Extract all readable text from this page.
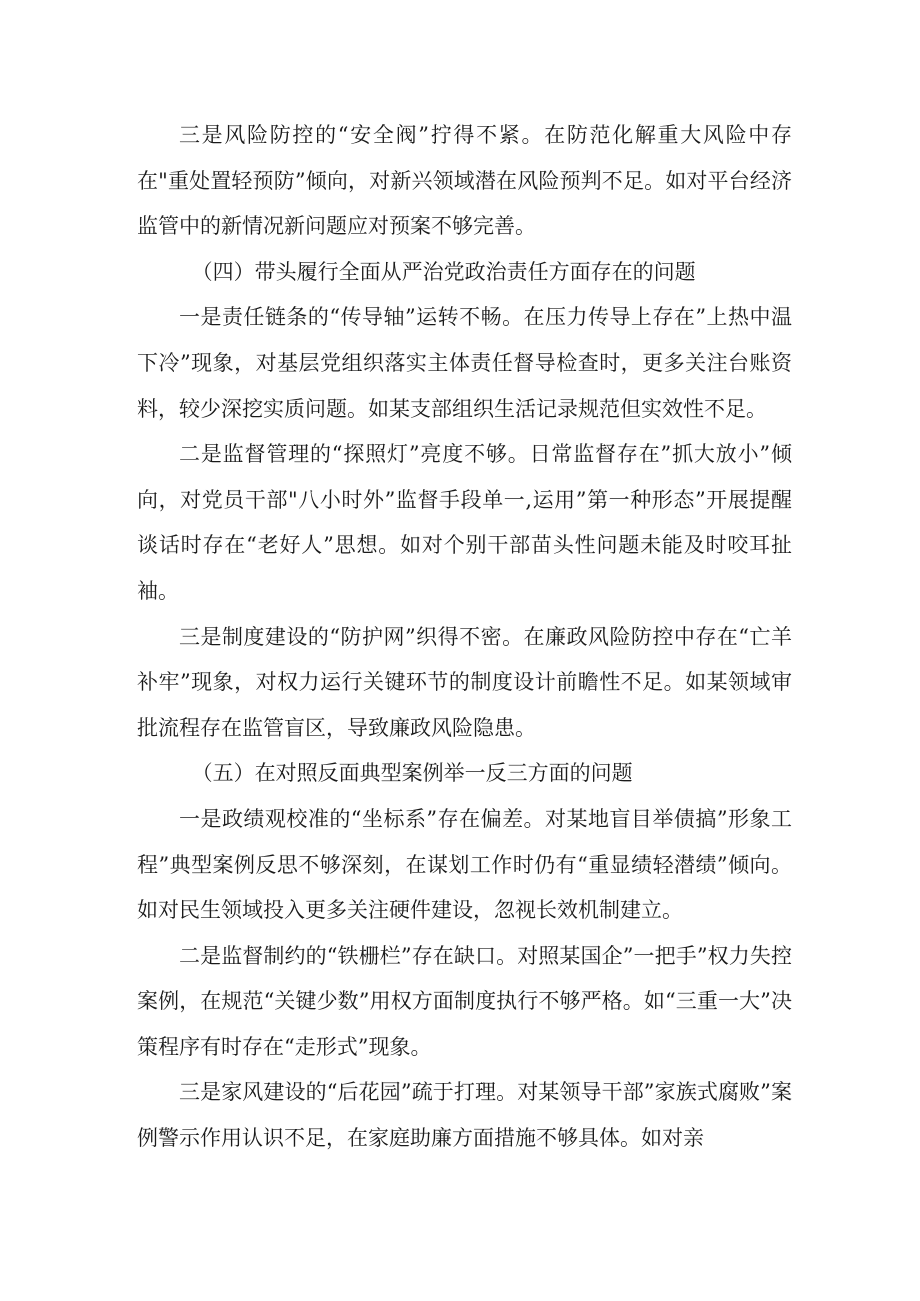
三是风险防控的“安全阀”拧得不紧。在防范化解重大风险中存在"重处置轻预防”倾向，对新兴领域潜在风险预判不足。如对平台经济监管中的新情况新问题应对预案不够完善。

（四）带头履行全面从严治党政治责任方面存在的问题

一是责任链条的“传导轴”运转不畅。在压力传导上存在”上热中温下冷”现象，对基层党组织落实主体责任督导检查时，更多关注台账资料，较少深挖实质问题。如某支部组织生活记录规范但实效性不足。

二是监督管理的“探照灯”亮度不够。日常监督存在”抓大放小”倾向，对党员干部"八小时外”监督手段单一,运用”第一种形态”开展提醒谈话时存在“老好人”思想。如对个别干部苗头性问题未能及时咬耳扯袖。

三是制度建设的“防护网”织得不密。在廉政风险防控中存在“亡羊补牢”现象，对权力运行关键环节的制度设计前瞻性不足。如某领域审批流程存在监管盲区，导致廉政风险隐患。

（五）在对照反面典型案例举一反三方面的问题

一是政绩观校准的“坐标系”存在偏差。对某地盲目举债搞”形象工程”典型案例反思不够深刻，在谋划工作时仍有“重显绩轻潜绩”倾向。如对民生领域投入更多关注硬件建设，忽视长效机制建立。

二是监督制约的“铁栅栏”存在缺口。对照某国企”一把手”权力失控案例，在规范“关键少数”用权方面制度执行不够严格。如“三重一大”决策程序有时存在“走形式”现象。

三是家风建设的“后花园”疏于打理。对某领导干部”家族式腐败”案例警示作用认识不足，在家庭助廉方面措施不够具体。如对亲
